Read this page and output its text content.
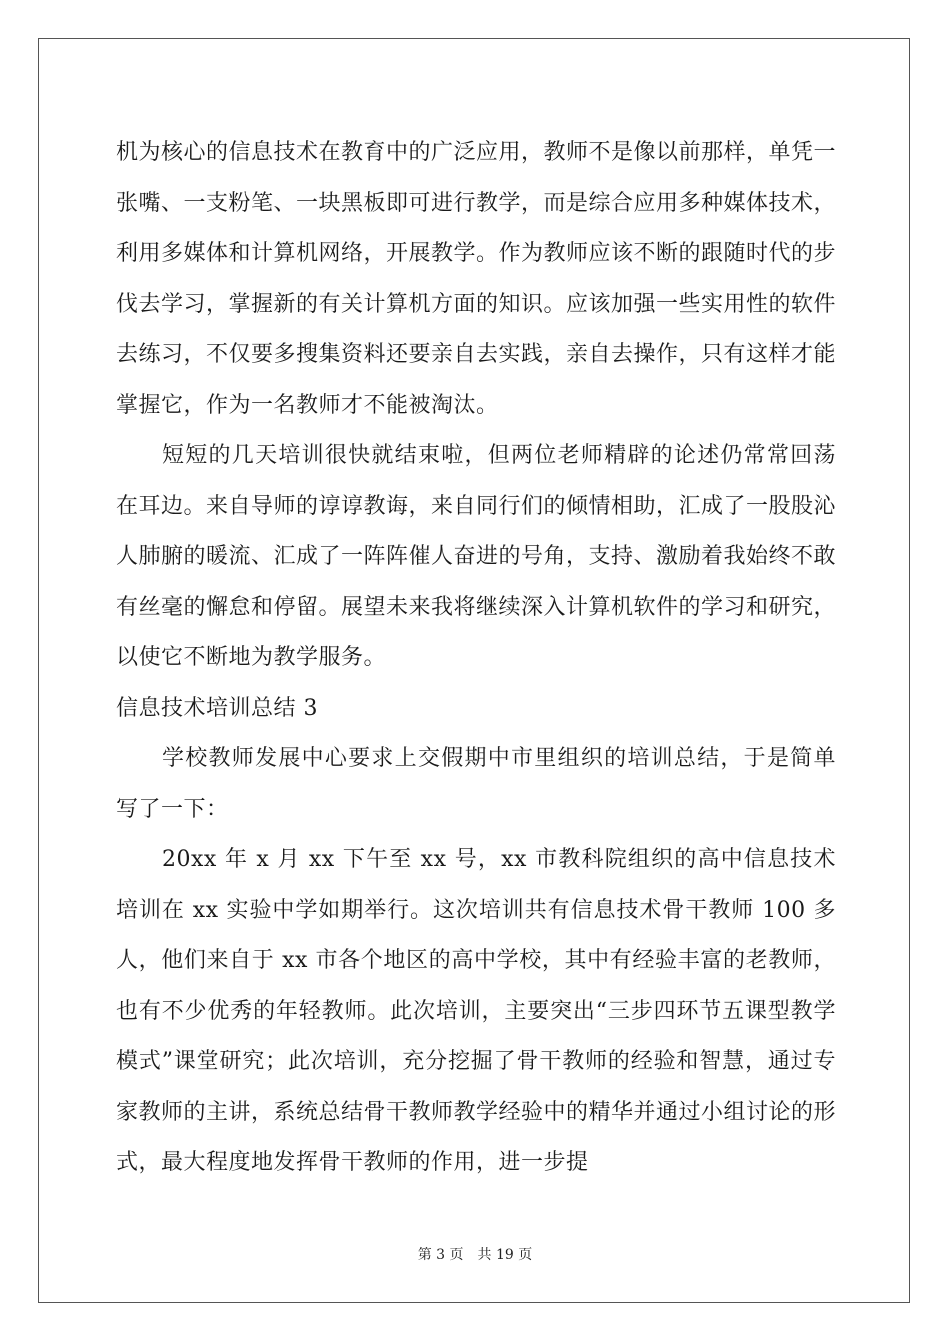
机为核心的信息技术在教育中的广泛应用，教师不是像以前那样，单凭一张嘴、一支粉笔、一块黑板即可进行教学，而是综合应用多种媒体技术，利用多媒体和计算机网络，开展教学。作为教师应该不断的跟随时代的步伐去学习，掌握新的有关计算机方面的知识。应该加强一些实用性的软件去练习，不仅要多搜集资料还要亲自去实践，亲自去操作，只有这样才能掌握它，作为一名教师才不能被淘汰。

短短的几天培训很快就结束啦，但两位老师精辟的论述仍常常回荡在耳边。来自导师的谆谆教诲，来自同行们的倾情相助，汇成了一股股沁人肺腑的暖流、汇成了一阵阵催人奋进的号角，支持、激励着我始终不敢有丝毫的懈怠和停留。展望未来我将继续深入计算机软件的学习和研究，以使它不断地为教学服务。

信息技术培训总结 3

学校教师发展中心要求上交假期中市里组织的培训总结，于是简单写了一下：

20xx 年 x 月 xx 下午至 xx 号，xx 市教科院组织的高中信息技术培训在 xx 实验中学如期举行。这次培训共有信息技术骨干教师 100 多人，他们来自于 xx 市各个地区的高中学校，其中有经验丰富的老教师，也有不少优秀的年轻教师。此次培训，主要突出“三步四环节五课型教学模式”课堂研究；此次培训，充分挖掘了骨干教师的经验和智慧，通过专家教师的主讲，系统总结骨干教师教学经验中的精华并通过小组讨论的形式，最大程度地发挥骨干教师的作用，进一步提

第 3 页 共 19 页
